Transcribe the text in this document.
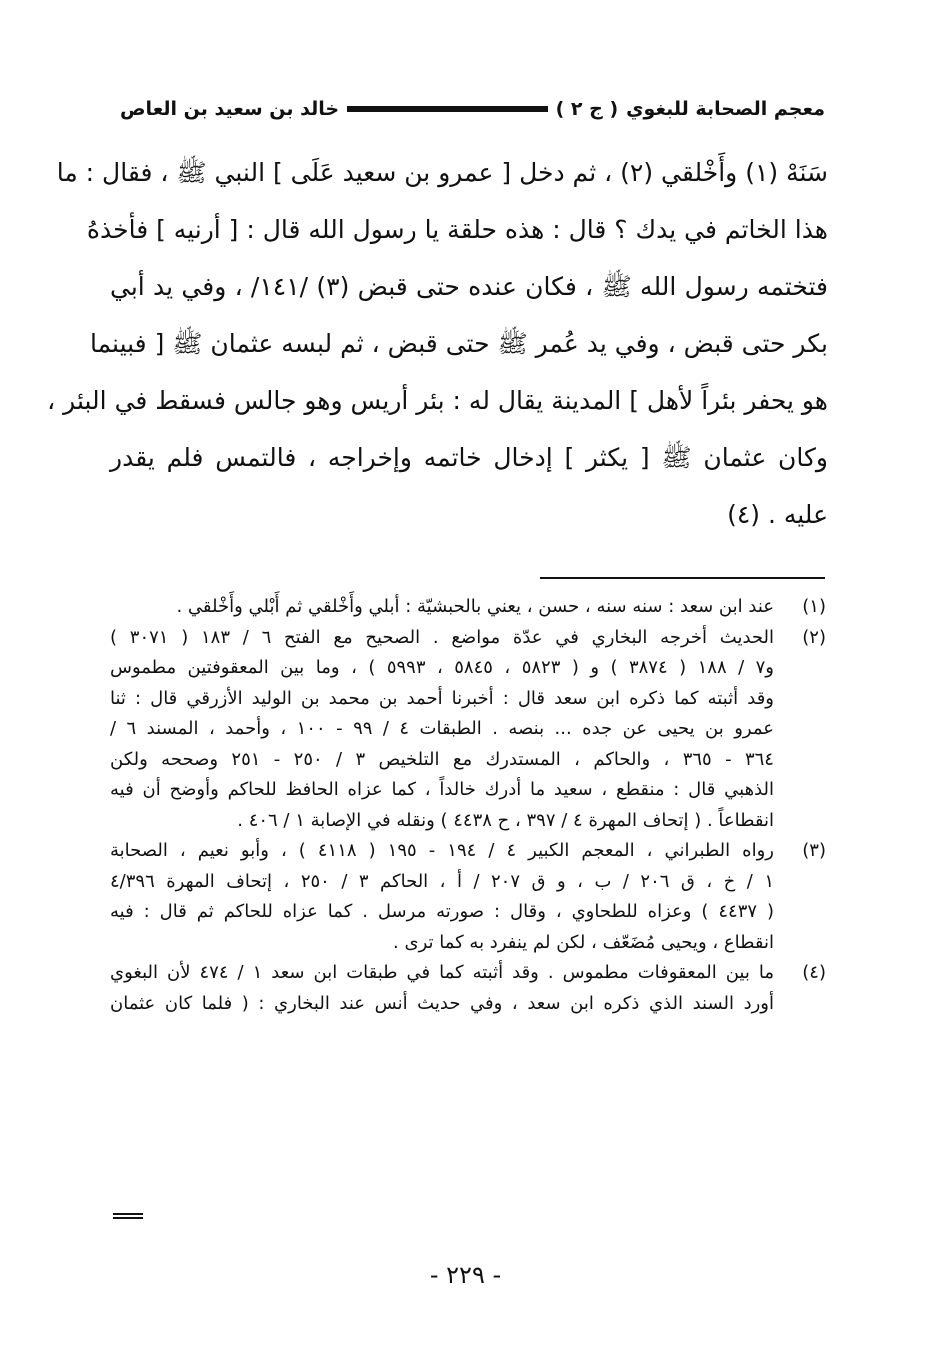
معجم الصحابة للبغوي
( ج ٢ )
خالد بن سعيد بن العاص
سَنَهْ (١) وأَخْلقي (٢) ، ثم دخل [ عمرو بن سعيد عَلَى ] النبي ﷺ ، فقال : ما
هذا الخاتم في يدك ؟ قال : هذه حلقة يا رسول الله قال : [ أرنيه ] فأخذهُ
فتختمه رسول الله ﷺ ، فكان عنده حتى قبض (٣) /١٤١/ ، وفي يد أبي
بكر حتى قبض ، وفي يد عُمر ﷺ حتى قبض ، ثم لبسه عثمان ﷺ [ فبينما
هو يحفر بئراً لأهل ] المدينة يقال له : بئر أريس وهو جالس فسقط في البئر ،
وكان عثمان ﷺ [ يكثر ] إدخال خاتمه وإخراجه ، فالتمس فلم يقدر
عليه . (٤)
(١)
عند ابن سعد : سنه سنه ، حسن ، يعني بالحبشيّة : أبلي وأَخْلقي ثم أَبْلي وأَخْلقي .
(٢)
الحديث أخرجه البخاري في عدّة مواضع . الصحيح مع الفتح ٦ / ١٨٣ ( ٣٠٧١ )
و٧ / ١٨٨ ( ٣٨٧٤ ) و ( ٥٨٢٣ ، ٥٨٤٥ ، ٥٩٩٣ ) ، وما بين المعقوفتين مطموس
وقد أثبته كما ذكره ابن سعد قال : أخبرنا أحمد بن محمد بن الوليد الأزرقي قال : ثنا
عمرو بن يحيى عن جده ... بنصه . الطبقات ٤ / ٩٩ - ١٠٠ ، وأحمد ، المسند ٦ /
٣٦٤ - ٣٦٥ ، والحاكم ، المستدرك مع التلخيص ٣ / ٢٥٠ - ٢٥١ وصححه ولكن
الذهبي قال : منقطع ، سعيد ما أدرك خالداً ، كما عزاه الحافظ للحاكم وأوضح أن فيه
انقطاعاً . ( إتحاف المهرة ٤ / ٣٩٧ ، ح ٤٤٣٨ ) ونقله في الإصابة ١ / ٤٠٦ .
(٣)
رواه الطبراني ، المعجم الكبير ٤ / ١٩٤ - ١٩٥ ( ٤١١٨ ) ، وأبو نعيم ، الصحابة
١ / خ ، ق ٢٠٦ / ب ، و ق ٢٠٧ / أ ، الحاكم ٣ / ٢٥٠ ، إتحاف المهرة ٤/٣٩٦
( ٤٤٣٧ ) وعزاه للطحاوي ، وقال : صورته مرسل . كما عزاه للحاكم ثم قال : فيه
انقطاع ، ويحيى مُضَعّف ، لكن لم ينفرد به كما ترى .
(٤)
ما بين المعقوفات مطموس . وقد أثبته كما في طبقات ابن سعد ١ / ٤٧٤ لأن البغوي
أورد السند الذي ذكره ابن سعد ، وفي حديث أنس عند البخاري : ( فلما كان عثمان
- ٢٢٩ -
